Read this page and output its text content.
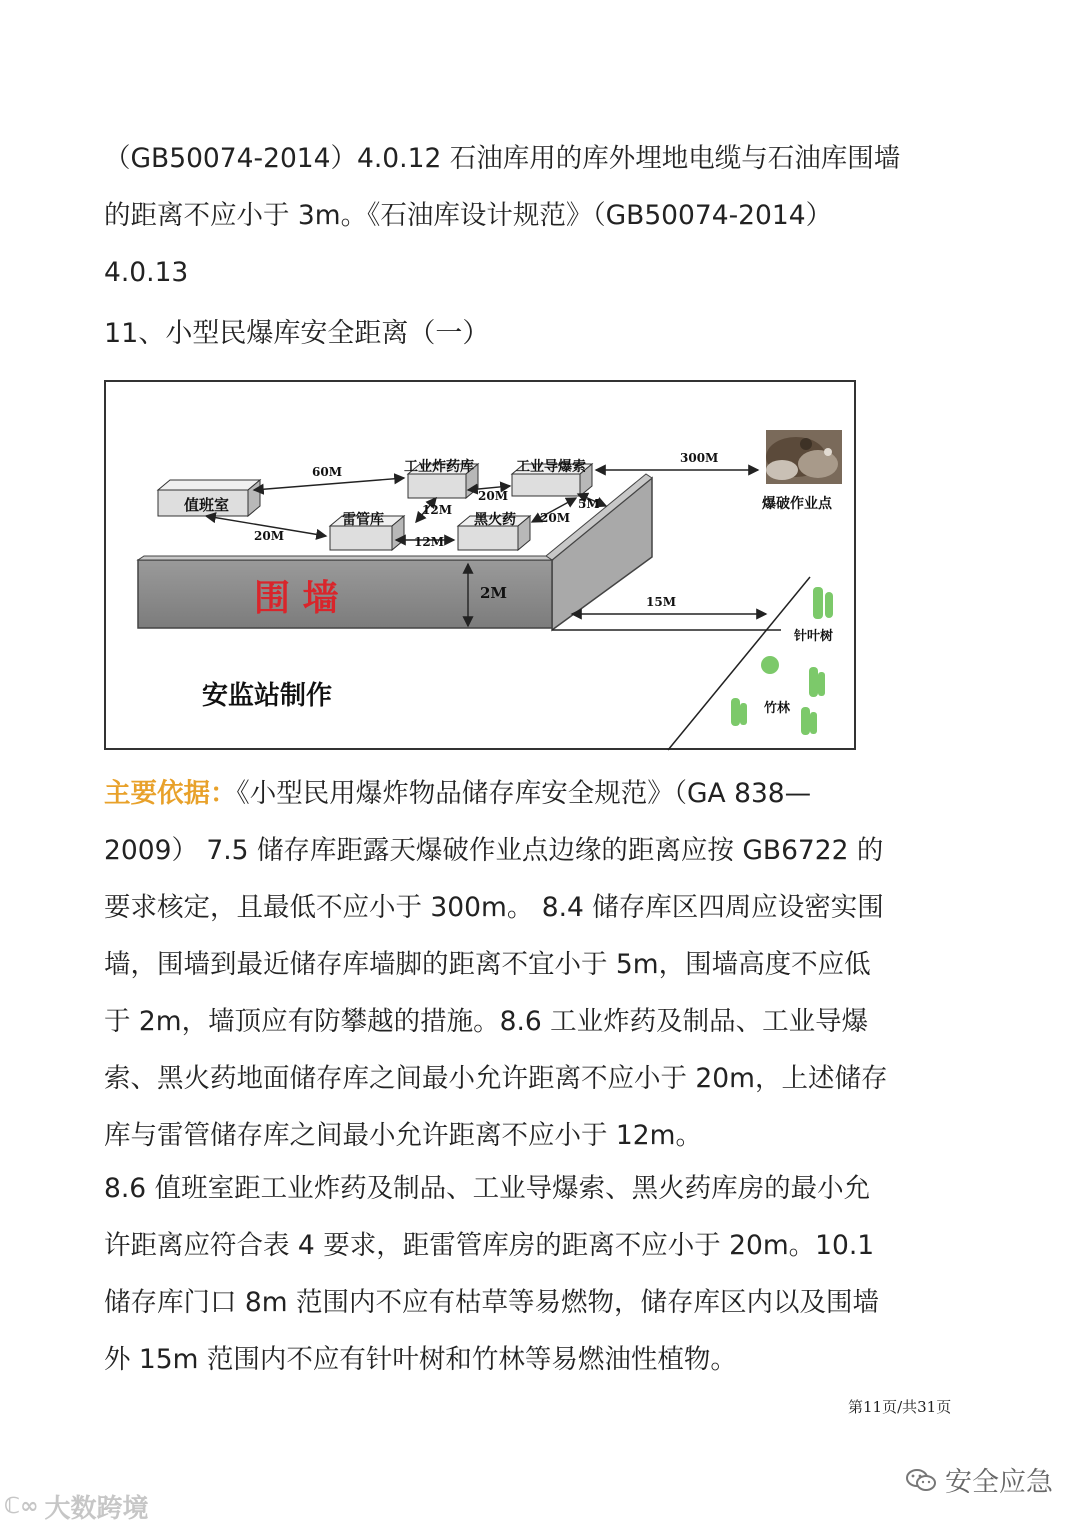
（GB50074-2014）4.0.12 石油库用的库外埋地电缆与石油库围墙
的距离不应小于 3m。《石油库设计规范》（GB50074-2014）
4.0.13
11、小型民爆库安全距离（一）
值班室
工业炸药库	工业导爆索
雷管库	黑火药
爆破作业点
60M
300M
20M
12M	5M
20M	12M
20M
2M	15M
围 墙
针叶树
竹林
安监站制作
主要依据：《小型民用爆炸物品储存库安全规范》（GA 838—
2009） 7.5 储存库距露天爆破作业点边缘的距离应按 GB6722 的
要求核定，且最低不应小于 300m。 8.4 储存库区四周应设密实围
墙，围墙到最近储存库墙脚的距离不宜小于 5m，围墙高度不应低
于 2m，墙顶应有防攀越的措施。8.6 工业炸药及制品、工业导爆
索、黑火药地面储存库之间最小允许距离不应小于 20m，上述储存
库与雷管储存库之间最小允许距离不应小于 12m。
8.6 值班室距工业炸药及制品、工业导爆索、黑火药库房的最小允
许距离应符合表 4 要求，距雷管库房的距离不应小于 20m。10.1
储存库门口 8m 范围内不应有枯草等易燃物，储存库区内以及围墙
外 15m 范围内不应有针叶树和竹林等易燃油性植物。
第11页/共31页
安全应急
ℂ∞ 大数跨境
